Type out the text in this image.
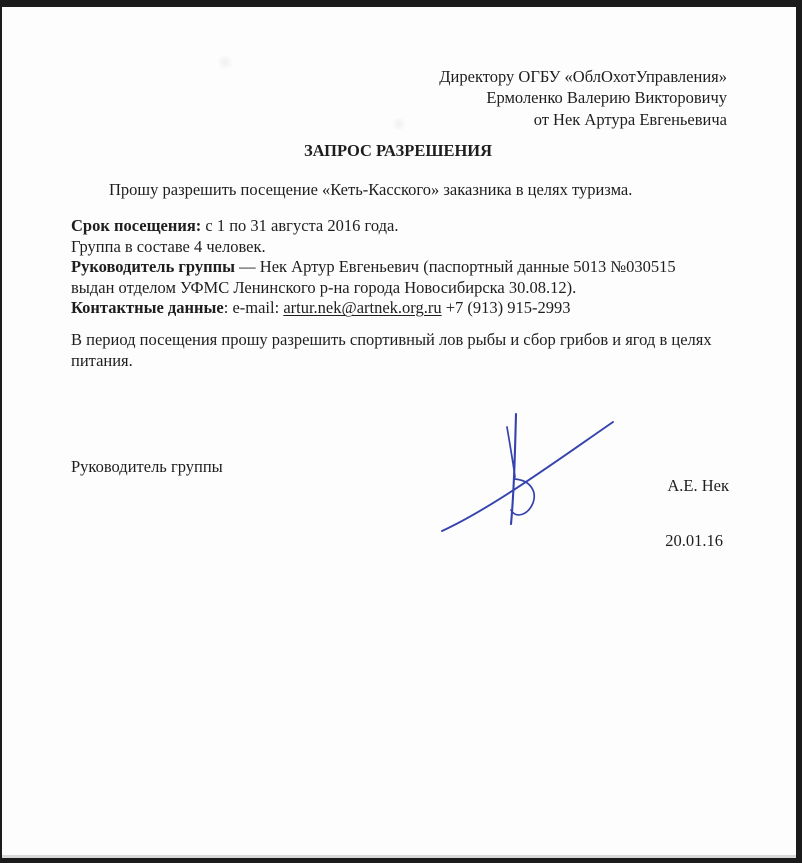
Директору ОГБУ «ОблОхотУправления»
Ермоленко Валерию Викторовичу
от Нек Артура Евгеньевича
ЗАПРОС РАЗРЕШЕНИЯ
Прошу разрешить посещение «Кеть-Касского» заказника в целях туризма.
Срок посещения: с 1 по 31 августа 2016 года.
Группа в составе 4 человек.
Руководитель группы — Нек Артур Евгеньевич (паспортный данные 5013 №030515 выдан отделом УФМС Ленинского р-на города Новосибирска 30.08.12).
Контактные данные: e-mail: artur.nek@artnek.org.ru +7 (913) 915-2993
В период посещения прошу разрешить спортивный лов рыбы и сбор грибов и ягод в целях питания.
Руководитель группы
А.Е. Нек
20.01.16
